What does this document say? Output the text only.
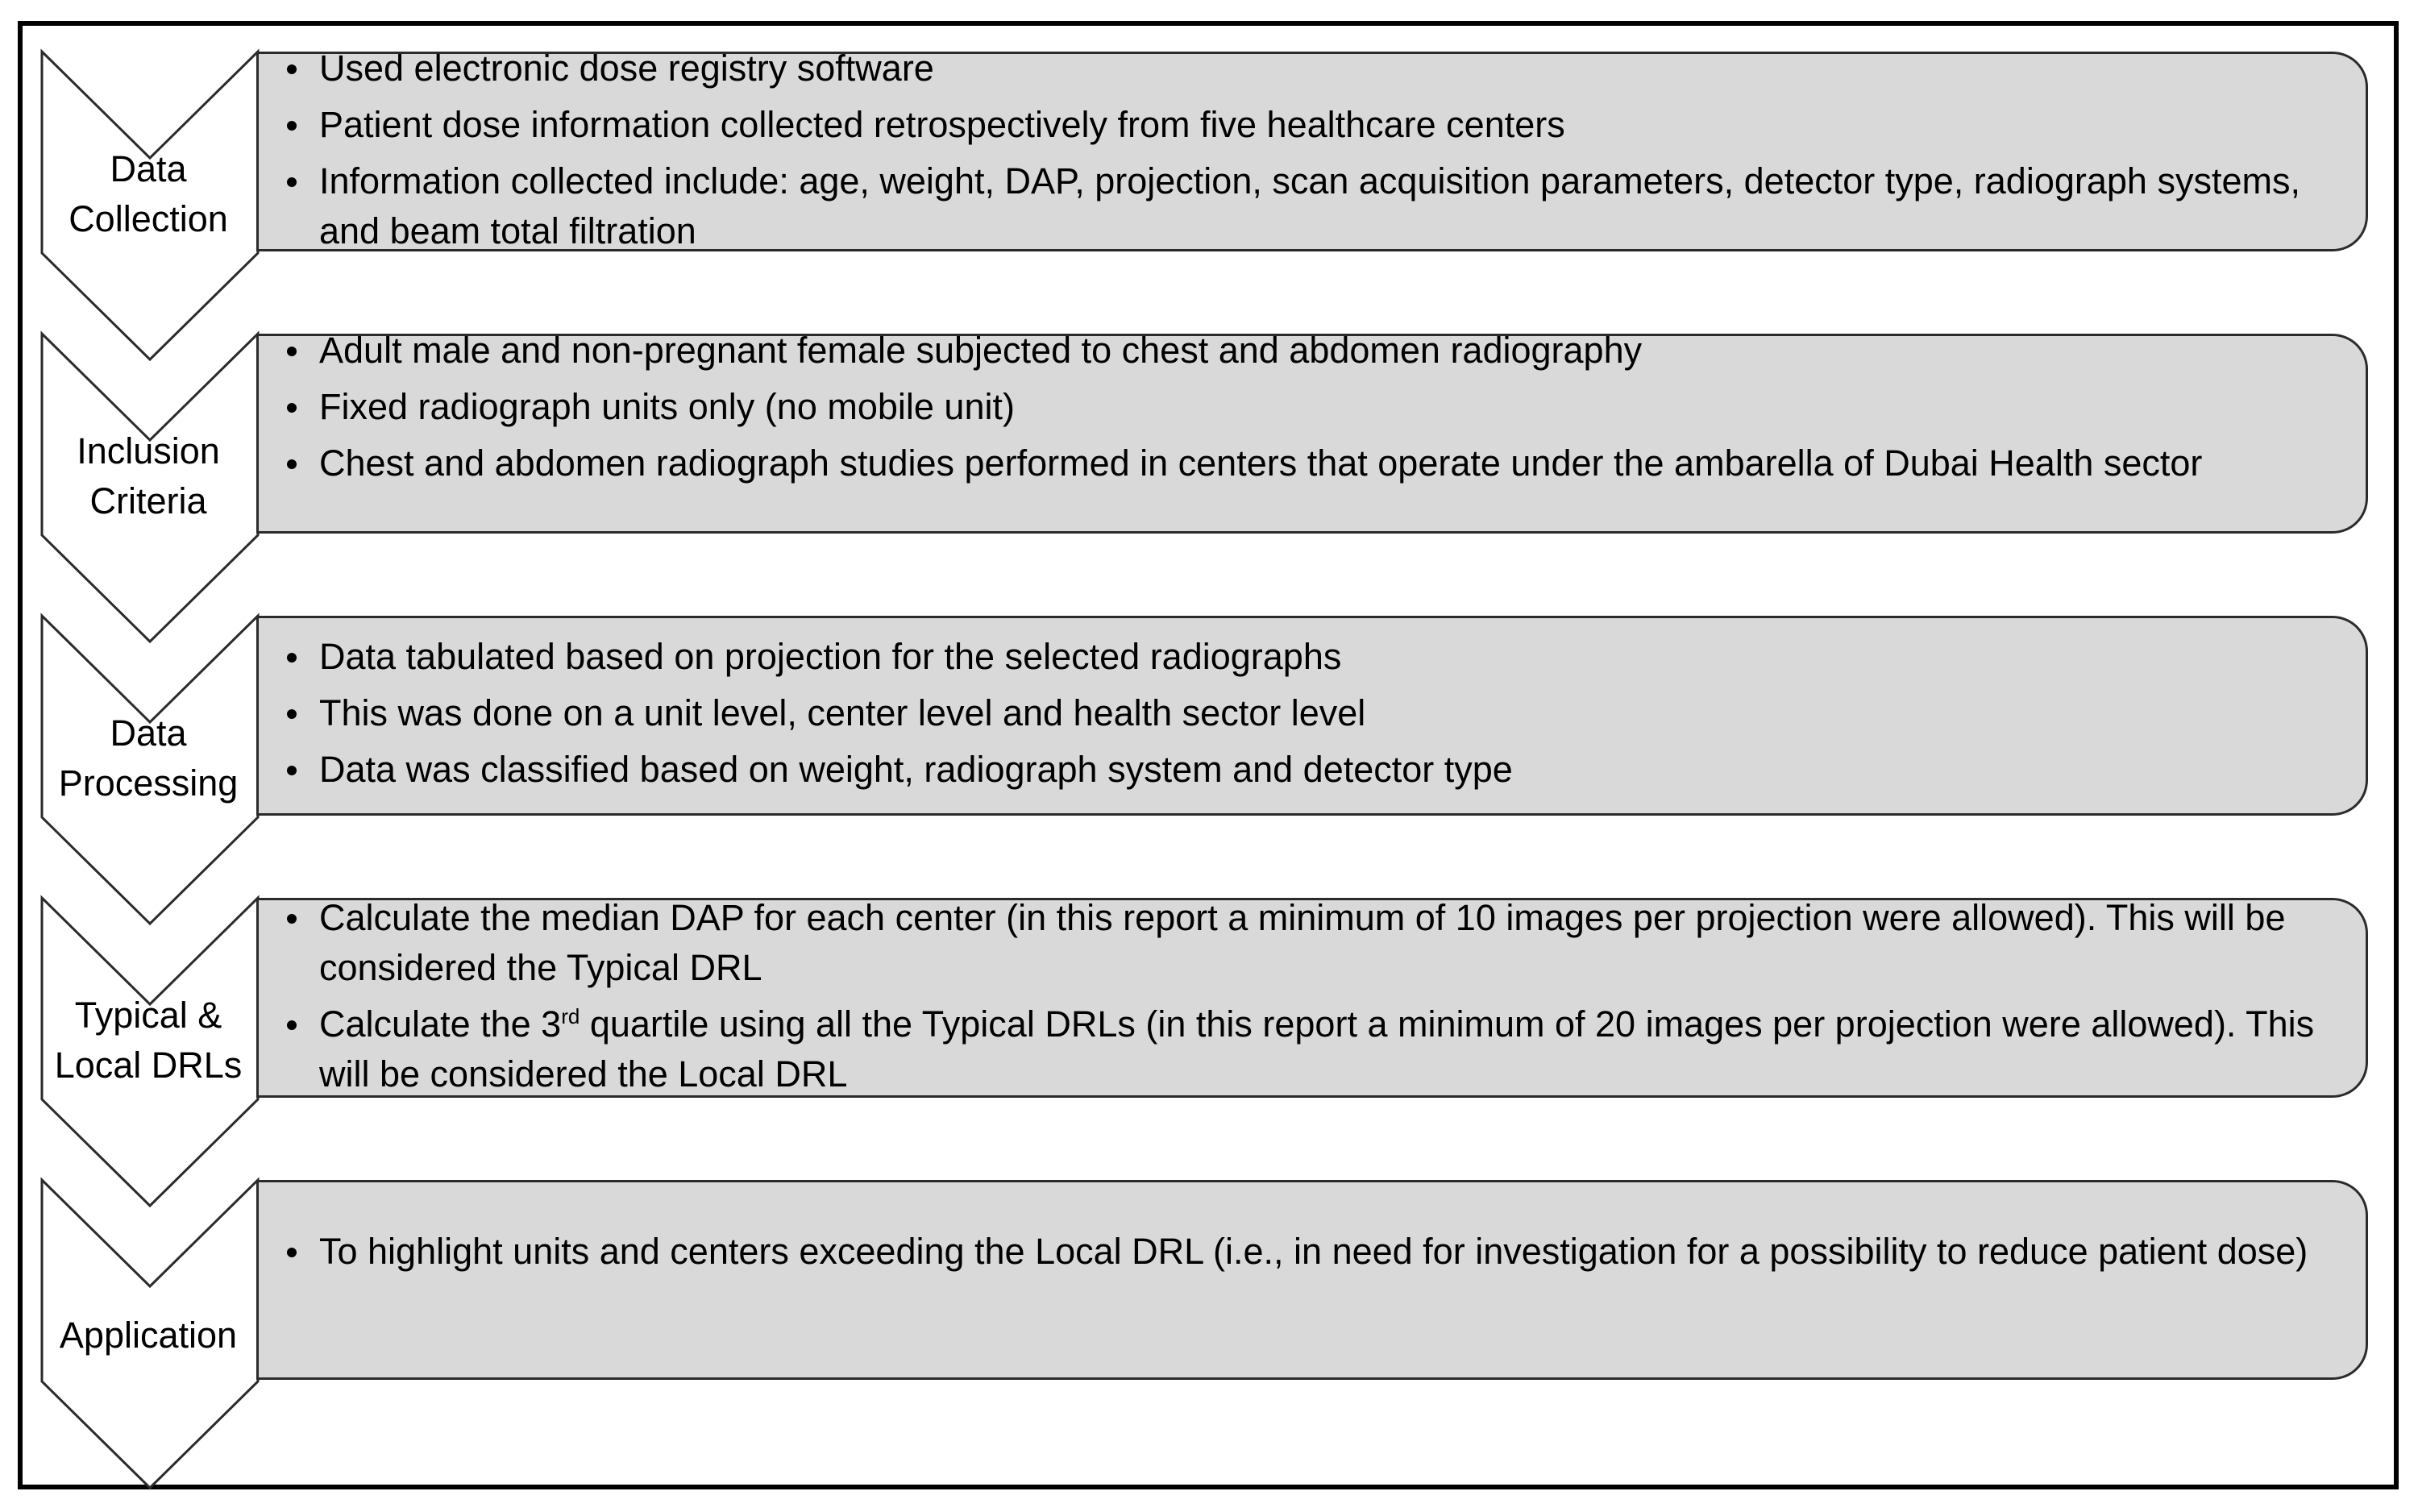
Data
Collection
Used electronic dose registry software
Patient dose information collected retrospectively from five healthcare centers
Information collected include: age, weight, DAP, projection, scan acquisition parameters, detector type, radiograph systems, and beam total filtration
Inclusion
Criteria
Adult male and non-pregnant female subjected to chest and abdomen radiography
Fixed radiograph units only (no mobile unit)
Chest and abdomen radiograph studies performed in centers that operate under the ambarella of Dubai Health sector
Data
Processing
Data tabulated based on projection for the selected radiographs
This was done on a unit level, center level and health sector level
Data was classified based on weight, radiograph system and detector type
Typical &
Local DRLs
Calculate the median DAP for each center (in this report a minimum of 10 images per projection were allowed). This will be considered the Typical DRL
Calculate the 3rd quartile using all the Typical DRLs (in this report a minimum of 20 images per projection were allowed). This will be considered the Local DRL
Application
To highlight units and centers exceeding the Local DRL (i.e., in need for investigation for a possibility to reduce patient dose)
